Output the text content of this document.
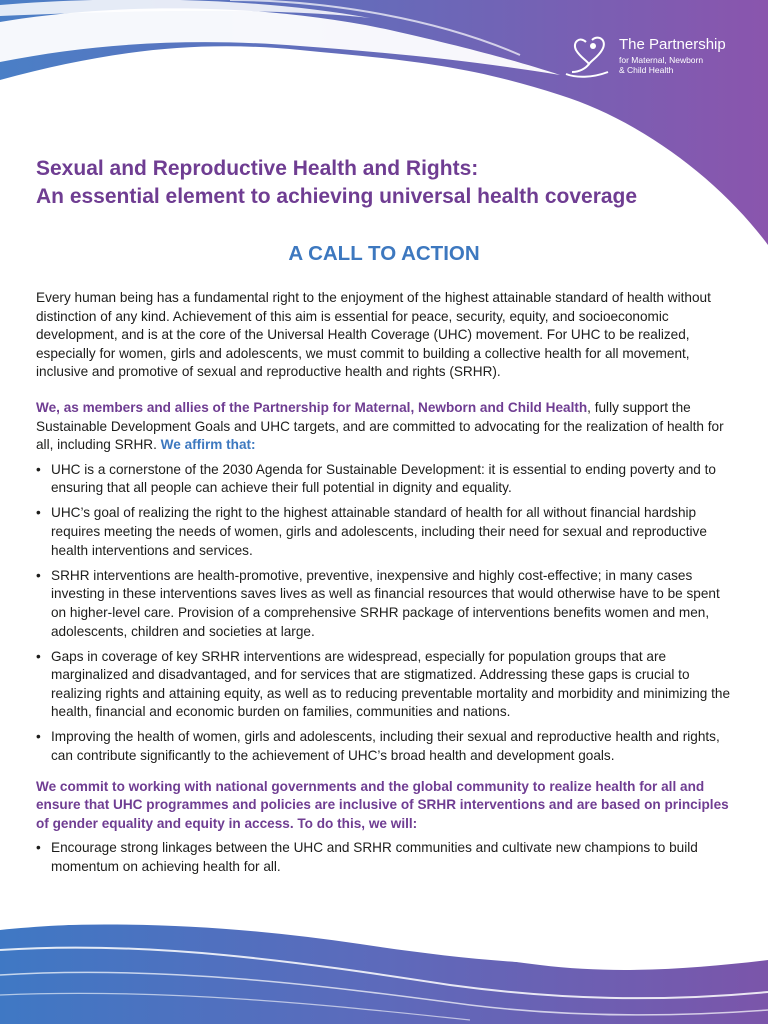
The Partnership
for Maternal, Newborn
& Child Health
Sexual and Reproductive Health and Rights:
An essential element to achieving universal health coverage
A CALL TO ACTION

Every human being has a fundamental right to the enjoyment of the highest attainable standard of health without distinction of any kind. Achievement of this aim is essential for peace, security, equity, and socioeconomic development, and is at the core of the Universal Health Coverage (UHC) movement. For UHC to be realized, especially for women, girls and adolescents, we must commit to building a collective health for all movement, inclusive and promotive of sexual and reproductive health and rights (SRHR).

We, as members and allies of the Partnership for Maternal, Newborn and Child Health, fully support the Sustainable Development Goals and UHC targets, and are committed to advocating for the realization of health for all, including SRHR. We affirm that:

• UHC is a cornerstone of the 2030 Agenda for Sustainable Development: it is essential to ending poverty and to ensuring that all people can achieve their full potential in dignity and equality.
• UHC’s goal of realizing the right to the highest attainable standard of health for all without financial hardship requires meeting the needs of women, girls and adolescents, including their need for sexual and reproductive health interventions and services.
• SRHR interventions are health-promotive, preventive, inexpensive and highly cost-effective; in many cases investing in these interventions saves lives as well as financial resources that would otherwise have to be spent on higher-level care. Provision of a comprehensive SRHR package of interventions benefits women and men, adolescents, children and societies at large.
• Gaps in coverage of key SRHR interventions are widespread, especially for population groups that are marginalized and disadvantaged, and for services that are stigmatized. Addressing these gaps is crucial to realizing rights and attaining equity, as well as to reducing preventable mortality and morbidity and minimizing the health, financial and economic burden on families, communities and nations.
• Improving the health of women, girls and adolescents, including their sexual and reproductive health and rights, can contribute significantly to the achievement of UHC’s broad health and development goals.

We commit to working with national governments and the global community to realize health for all and ensure that UHC programmes and policies are inclusive of SRHR interventions and are based on principles of gender equality and equity in access. To do this, we will:

• Encourage strong linkages between the UHC and SRHR communities and cultivate new champions to build momentum on achieving health for all.
